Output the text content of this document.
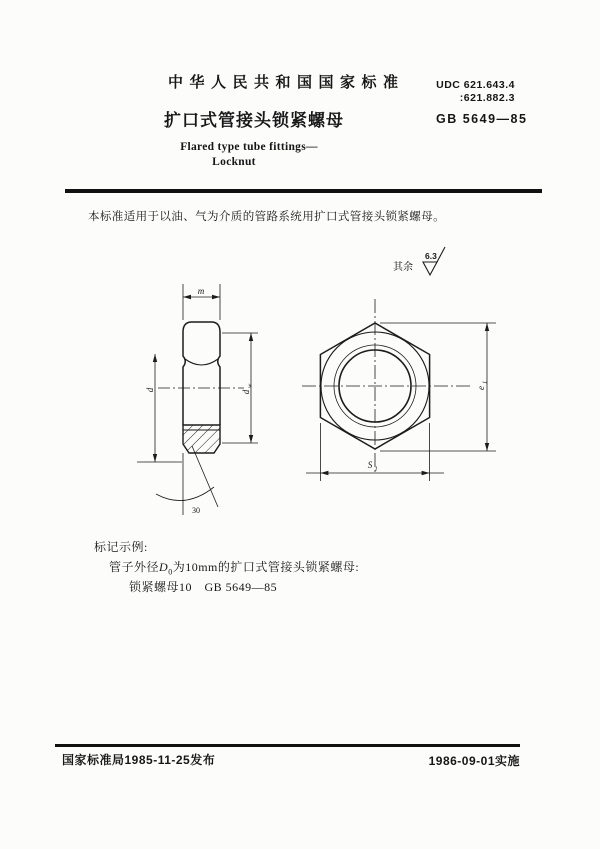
中华人民共和国国家标准	UDC 621.643.4
:621.882.3
扩口式管接头锁紧螺母	GB 5649—85
Flared type tube fittings—
Locknut
本标准适用于以油、气为介质的管路系统用扩口式管接头锁紧螺母。
其余
6.3
m
d	d
w
30
e
1
S 1
标记示例:
管子外径$D_0$为10mm的扩口式管接头锁紧螺母:
锁紧螺母10　GB 5649—85
国家标准局1985-11-25发布	1986-09-01实施
